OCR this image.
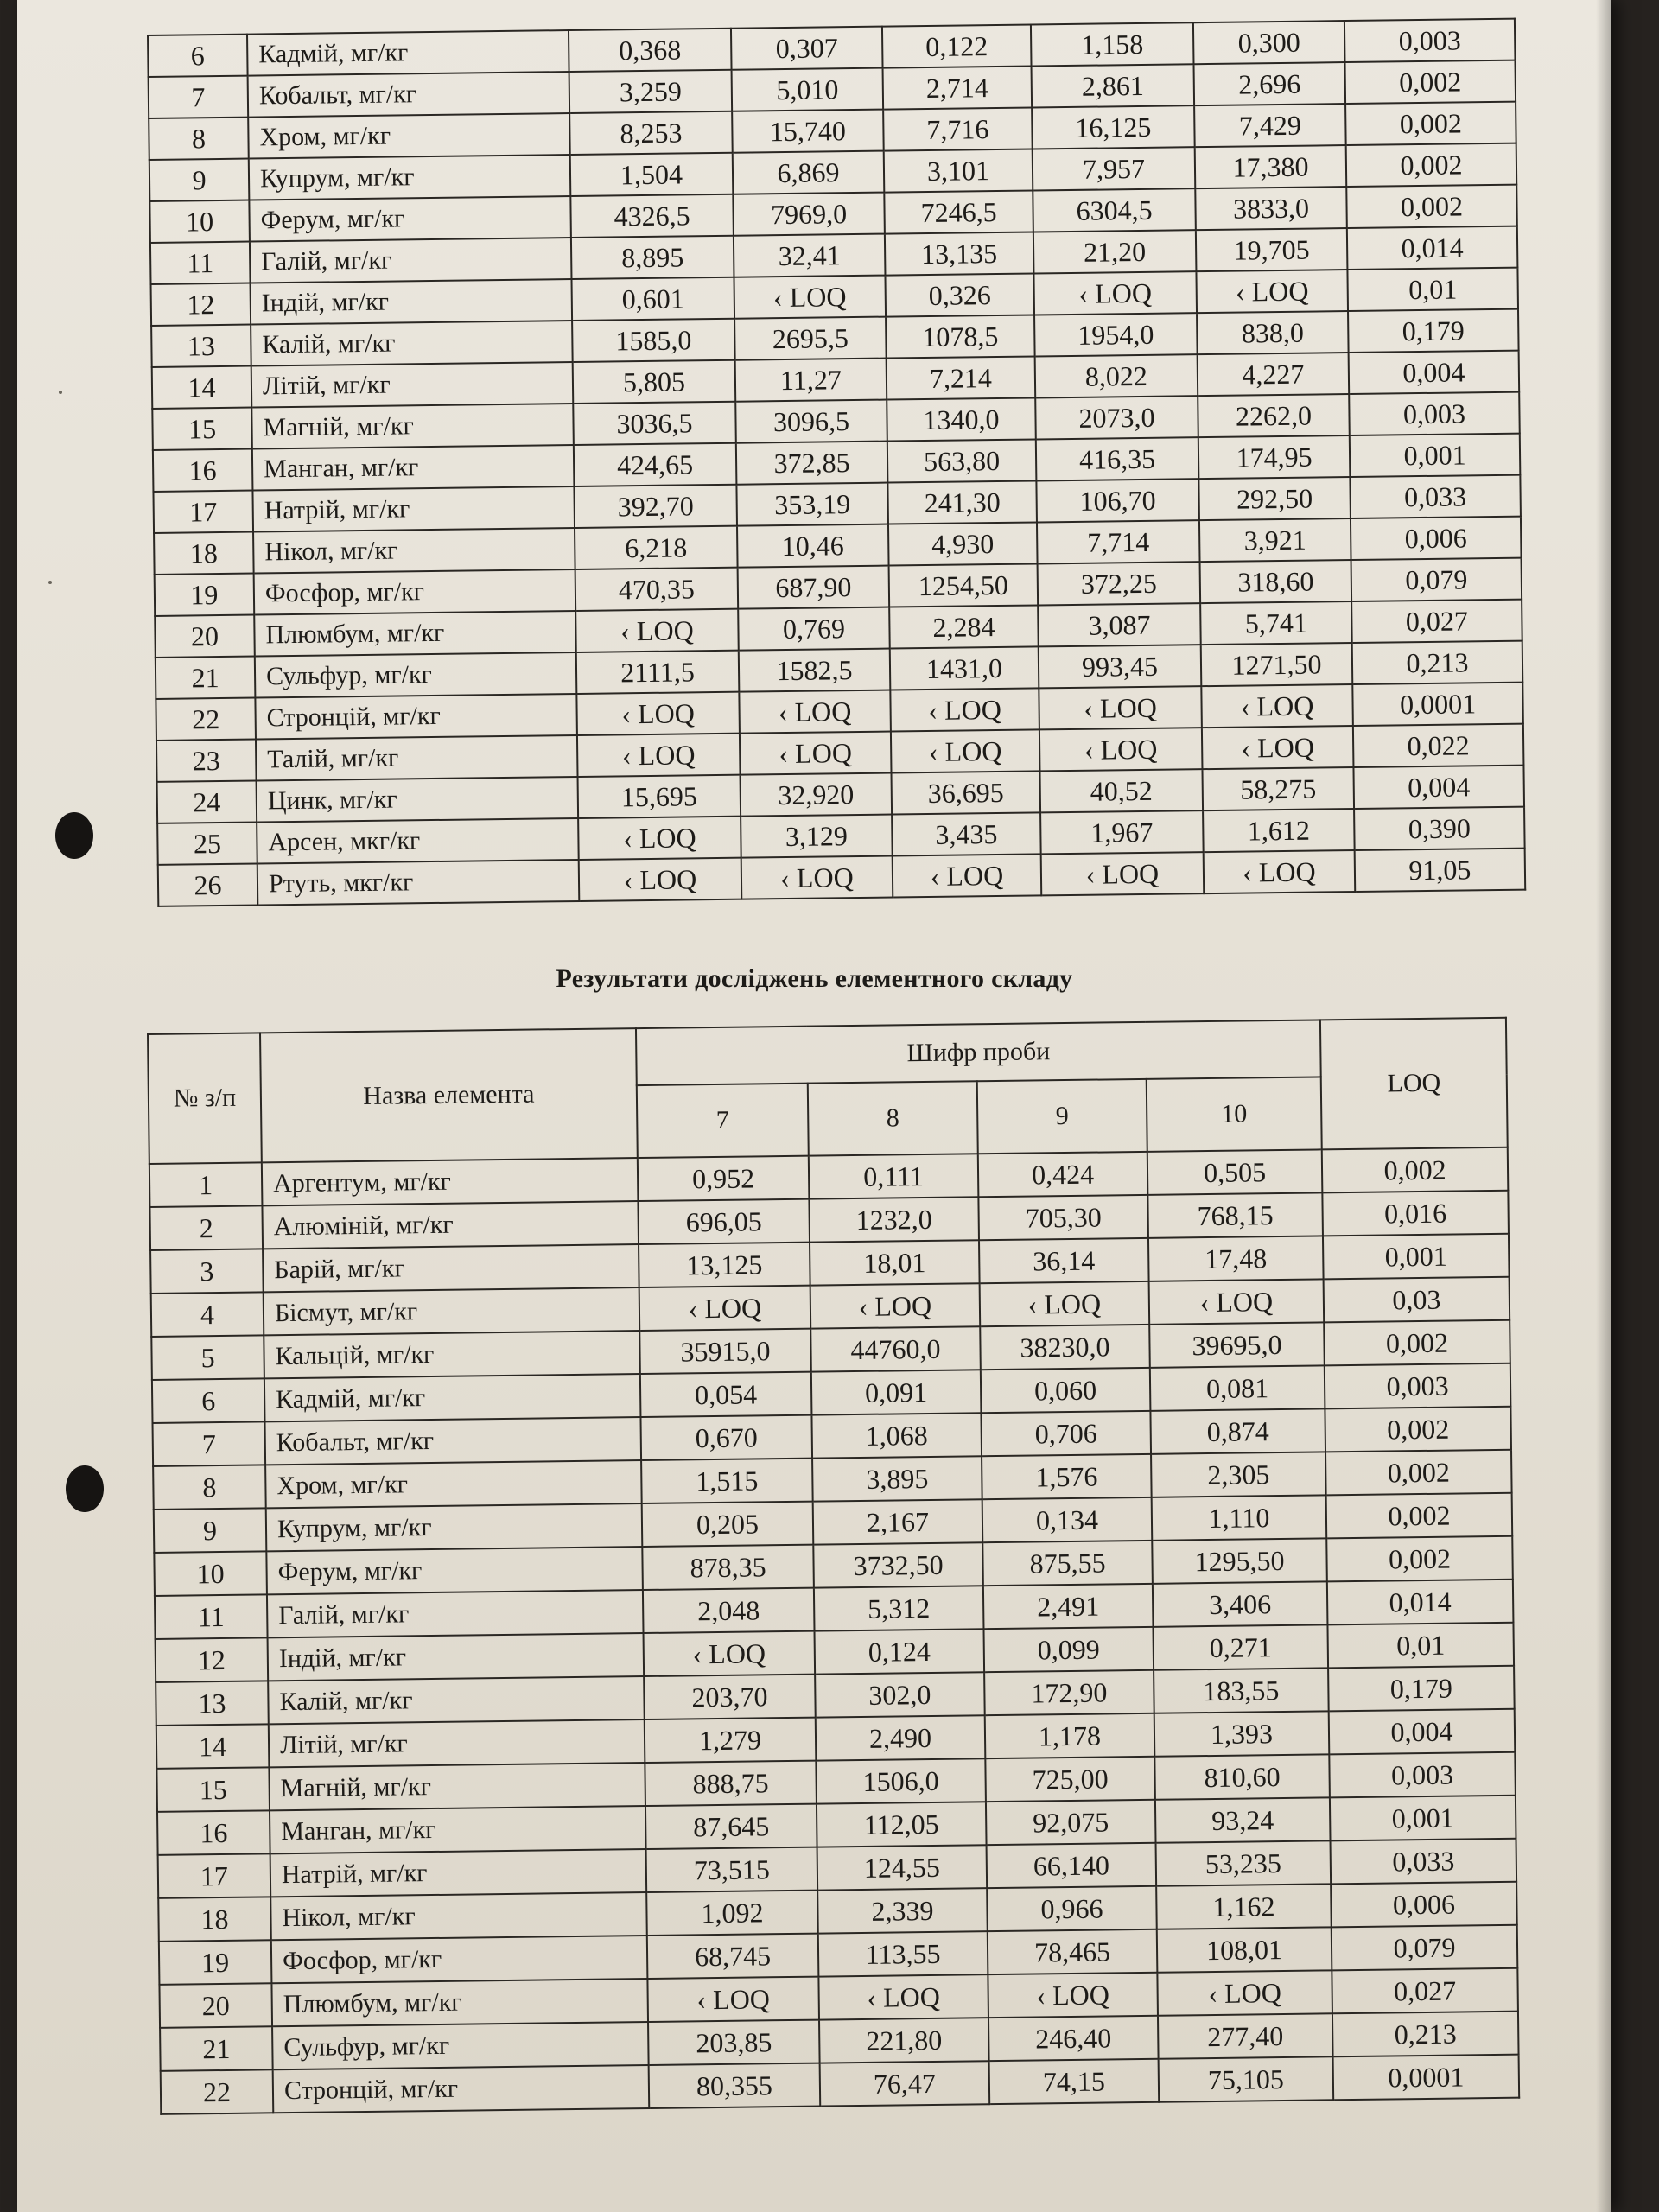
6	Кадмій, мг/кг	0,368	0,307	0,122	1,158	0,300	0,003
7	Кобальт, мг/кг	3,259	5,010	2,714	2,861	2,696	0,002
8	Хром, мг/кг	8,253	15,740	7,716	16,125	7,429	0,002
9	Купрум, мг/кг	1,504	6,869	3,101	7,957	17,380	0,002
10	Ферум, мг/кг	4326,5	7969,0	7246,5	6304,5	3833,0	0,002
11	Галій, мг/кг	8,895	32,41	13,135	21,20	19,705	0,014
12	Індій, мг/кг	0,601	‹ LOQ	0,326	‹ LOQ	‹ LOQ	0,01
13	Калій, мг/кг	1585,0	2695,5	1078,5	1954,0	838,0	0,179
14	Літій, мг/кг	5,805	11,27	7,214	8,022	4,227	0,004
15	Магній, мг/кг	3036,5	3096,5	1340,0	2073,0	2262,0	0,003
16	Манган, мг/кг	424,65	372,85	563,80	416,35	174,95	0,001
17	Натрій, мг/кг	392,70	353,19	241,30	106,70	292,50	0,033
18	Нікол, мг/кг	6,218	10,46	4,930	7,714	3,921	0,006
19	Фосфор, мг/кг	470,35	687,90	1254,50	372,25	318,60	0,079
20	Плюмбум, мг/кг	‹ LOQ	0,769	2,284	3,087	5,741	0,027
21	Сульфур, мг/кг	2111,5	1582,5	1431,0	993,45	1271,50	0,213
22	Стронцій, мг/кг	‹ LOQ	‹ LOQ	‹ LOQ	‹ LOQ	‹ LOQ	0,0001
23	Талій, мг/кг	‹ LOQ	‹ LOQ	‹ LOQ	‹ LOQ	‹ LOQ	0,022
24	Цинк, мг/кг	15,695	32,920	36,695	40,52	58,275	0,004
25	Арсен, мкг/кг	‹ LOQ	3,129	3,435	1,967	1,612	0,390
26	Ртуть, мкг/кг	‹ LOQ	‹ LOQ	‹ LOQ	‹ LOQ	‹ LOQ	91,05
Результати досліджень елементного складу
№ з/п	Назва елемента	Шифр проби				LOQ
		7	8	9	10	
1	Аргентум, мг/кг	0,952	0,111	0,424	0,505	0,002
2	Алюміній, мг/кг	696,05	1232,0	705,30	768,15	0,016
3	Барій, мг/кг	13,125	18,01	36,14	17,48	0,001
4	Бісмут, мг/кг	‹ LOQ	‹ LOQ	‹ LOQ	‹ LOQ	0,03
5	Кальцій, мг/кг	35915,0	44760,0	38230,0	39695,0	0,002
6	Кадмій, мг/кг	0,054	0,091	0,060	0,081	0,003
7	Кобальт, мг/кг	0,670	1,068	0,706	0,874	0,002
8	Хром, мг/кг	1,515	3,895	1,576	2,305	0,002
9	Купрум, мг/кг	0,205	2,167	0,134	1,110	0,002
10	Ферум, мг/кг	878,35	3732,50	875,55	1295,50	0,002
11	Галій, мг/кг	2,048	5,312	2,491	3,406	0,014
12	Індій, мг/кг	‹ LOQ	0,124	0,099	0,271	0,01
13	Калій, мг/кг	203,70	302,0	172,90	183,55	0,179
14	Літій, мг/кг	1,279	2,490	1,178	1,393	0,004
15	Магній, мг/кг	888,75	1506,0	725,00	810,60	0,003
16	Манган, мг/кг	87,645	112,05	92,075	93,24	0,001
17	Натрій, мг/кг	73,515	124,55	66,140	53,235	0,033
18	Нікол, мг/кг	1,092	2,339	0,966	1,162	0,006
19	Фосфор, мг/кг	68,745	113,55	78,465	108,01	0,079
20	Плюмбум, мг/кг	‹ LOQ	‹ LOQ	‹ LOQ	‹ LOQ	0,027
21	Сульфур, мг/кг	203,85	221,80	246,40	277,40	0,213
22	Стронцій, мг/кг	80,355	76,47	74,15	75,105	0,0001
